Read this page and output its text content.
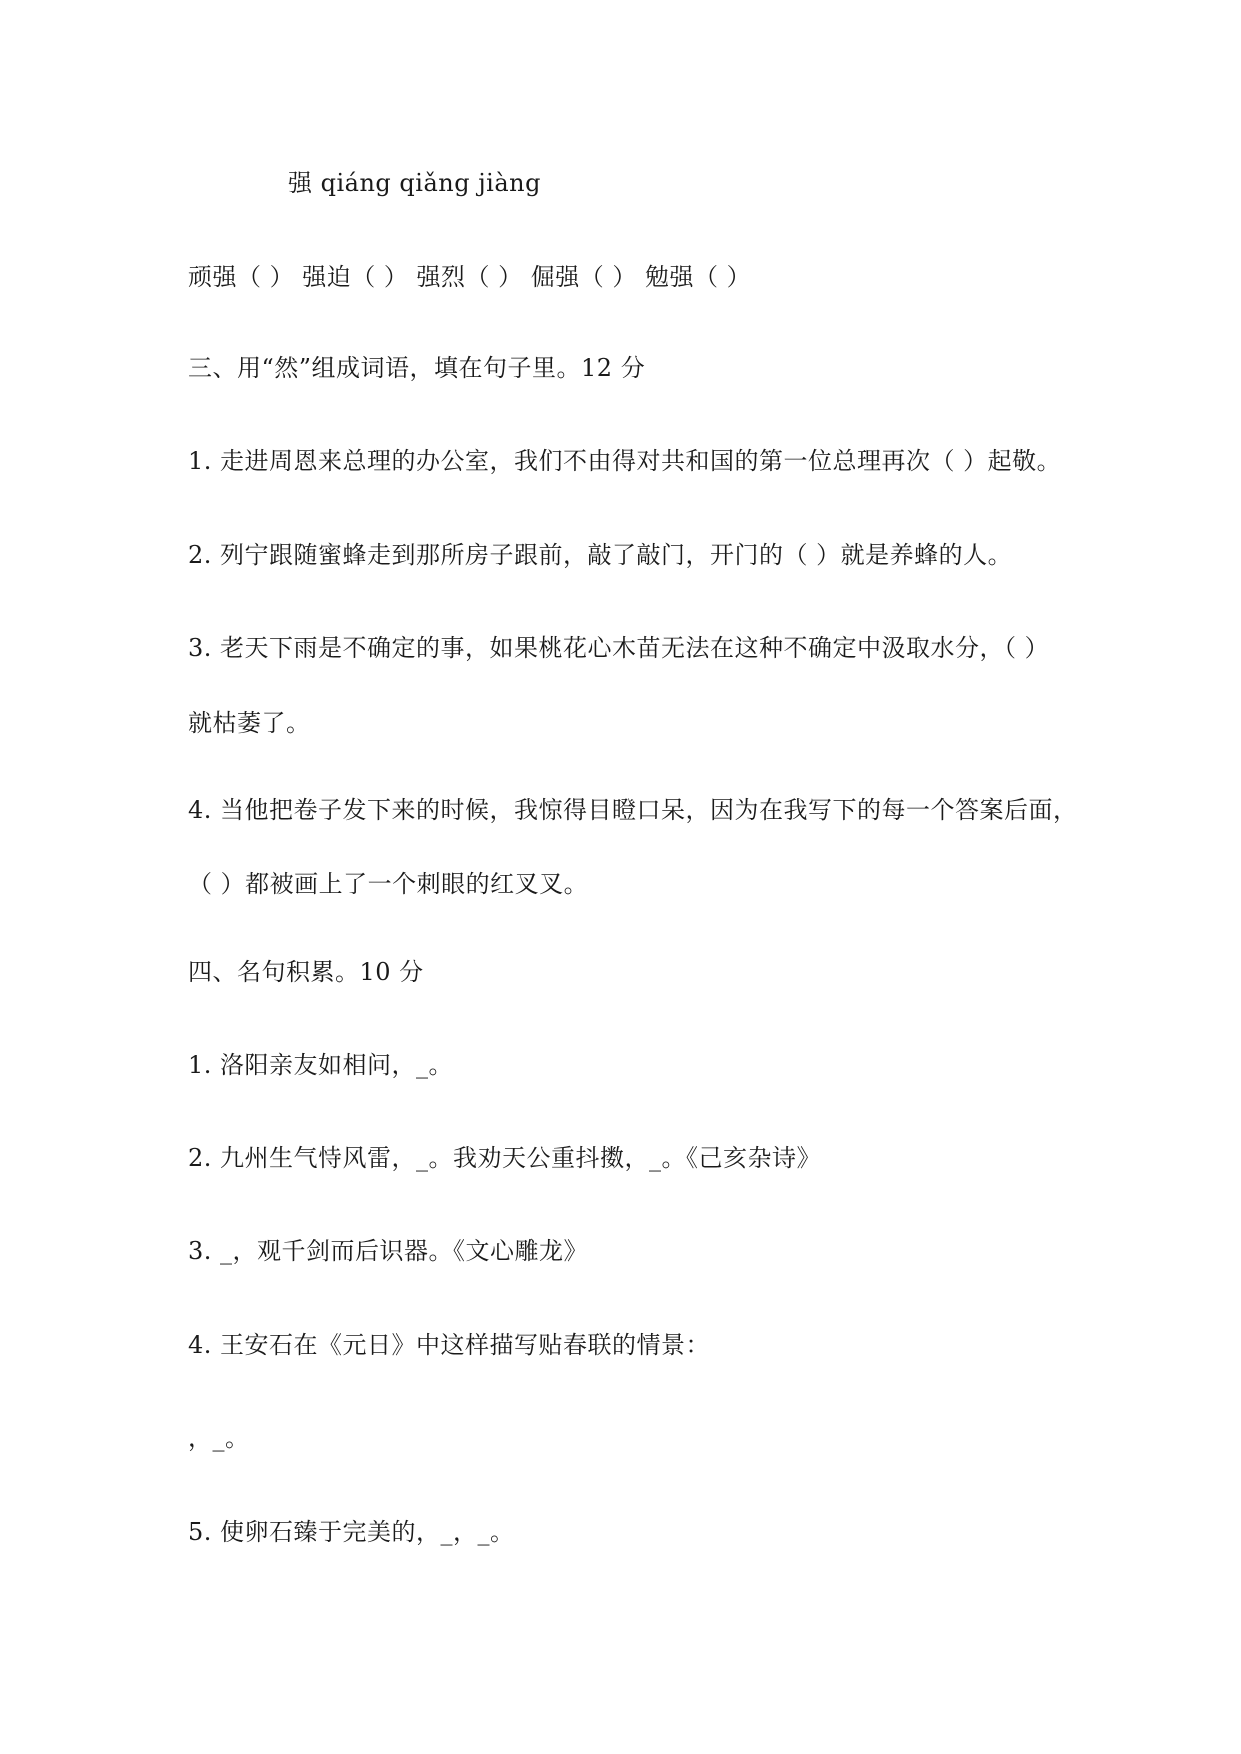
强 qiáng qiǎng jiàng
顽强（ ） 强迫（ ） 强烈（ ） 倔强（ ） 勉强（ ）
三、用“然”组成词语，填在句子里。12 分
1. 走进周恩来总理的办公室，我们不由得对共和国的第一位总理再次（ ）起敬。
2. 列宁跟随蜜蜂走到那所房子跟前，敲了敲门，开门的（ ）就是养蜂的人。
3. 老天下雨是不确定的事，如果桃花心木苗无法在这种不确定中汲取水分，（ ）
就枯萎了。
4. 当他把卷子发下来的时候，我惊得目瞪口呆，因为在我写下的每一个答案后面，
（ ）都被画上了一个刺眼的红叉叉。
四、名句积累。10 分
1. 洛阳亲友如相问，_。
2. 九州生气恃风雷，_。我劝天公重抖擞，_。《己亥杂诗》
3. _，观千剑而后识器。《文心雕龙》
4. 王安石在《元日》中这样描写贴春联的情景：
，_。
5. 使卵石臻于完美的，_，_。
